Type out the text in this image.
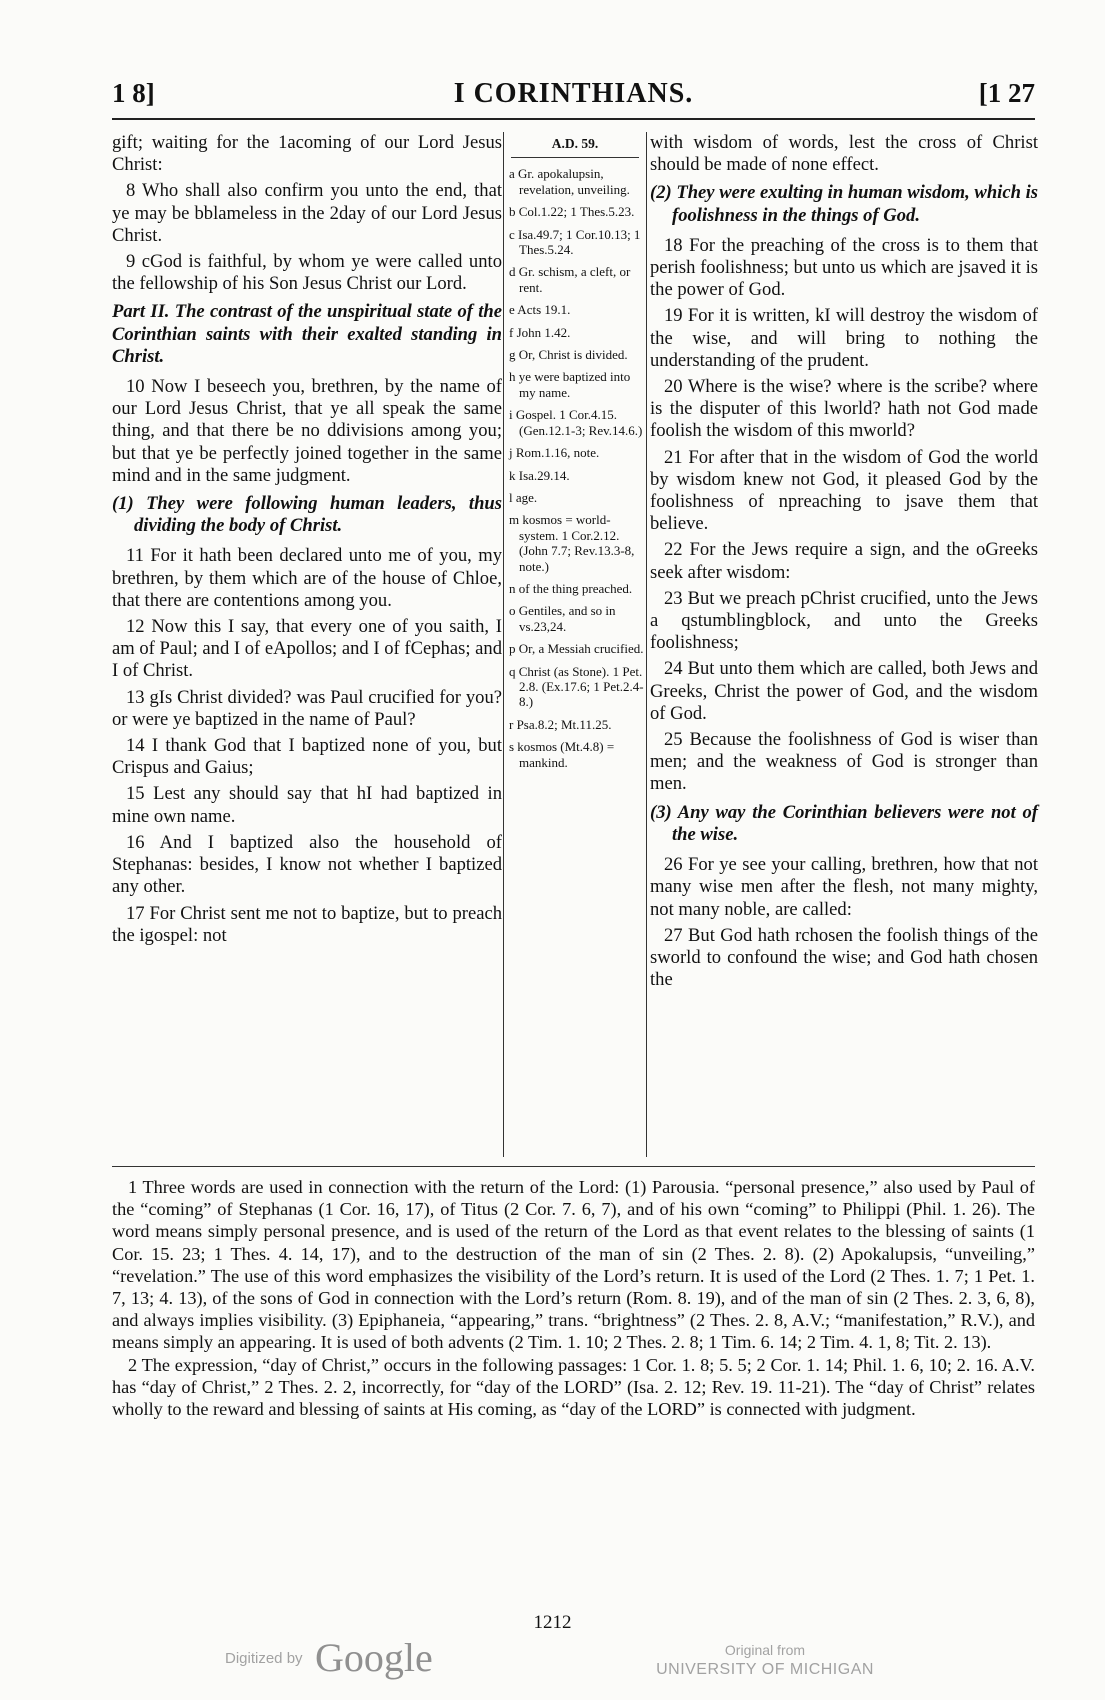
1 8]	I CORINTHIANS.	[1 27

gift; waiting for the 1acoming of our Lord Jesus Christ:

8 Who shall also confirm you unto the end, that ye may be bblameless in the 2day of our Lord Jesus Christ.

9 cGod is faithful, by whom ye were called unto the fellowship of his Son Jesus Christ our Lord.

Part II. The contrast of the unspiritual state of the Corinthian saints with their exalted standing in Christ.

10 Now I beseech you, brethren, by the name of our Lord Jesus Christ, that ye all speak the same thing, and that there be no ddivisions among you; but that ye be perfectly joined together in the same mind and in the same judgment.

(1) They were following human leaders, thus dividing the body of Christ.

11 For it hath been declared unto me of you, my brethren, by them which are of the house of Chloe, that there are contentions among you.

12 Now this I say, that every one of you saith, I am of Paul; and I of eApollos; and I of fCephas; and I of Christ.

13 gIs Christ divided? was Paul crucified for you? or were ye baptized in the name of Paul?

14 I thank God that I baptized none of you, but Crispus and Gaius;

15 Lest any should say that hI had baptized in mine own name.

16 And I baptized also the household of Stephanas: besides, I know not whether I baptized any other.

17 For Christ sent me not to baptize, but to preach the igospel: not

A.D. 59.
a Gr. apokalupsin, revelation, unveiling.
b Col.1.22; 1 Thes.5.23.
c Isa.49.7; 1 Cor.10.13; 1 Thes.5.24.
d Gr. schism, a cleft, or rent.
e Acts 19.1.
f John 1.42.
g Or, Christ is divided.
h ye were baptized into my name.
i Gospel. 1 Cor.4.15. (Gen.12.1-3; Rev.14.6.)
j Rom.1.16, note.
k Isa.29.14.
l age.
m kosmos = world-system. 1 Cor.2.12. (John 7.7; Rev.13.3-8, note.)
n of the thing preached.
o Gentiles, and so in vs.23,24.
p Or, a Messiah crucified.
q Christ (as Stone). 1 Pet. 2.8. (Ex.17.6; 1 Pet.2.4-8.)
r Psa.8.2; Mt.11.25.
s kosmos (Mt.4.8) = mankind.

with wisdom of words, lest the cross of Christ should be made of none effect.

(2) They were exulting in human wisdom, which is foolishness in the things of God.

18 For the preaching of the cross is to them that perish foolishness; but unto us which are jsaved it is the power of God.

19 For it is written, kI will destroy the wisdom of the wise, and will bring to nothing the understanding of the prudent.

20 Where is the wise? where is the scribe? where is the disputer of this lworld? hath not God made foolish the wisdom of this mworld?

21 For after that in the wisdom of God the world by wisdom knew not God, it pleased God by the foolishness of npreaching to jsave them that believe.

22 For the Jews require a sign, and the oGreeks seek after wisdom:

23 But we preach pChrist crucified, unto the Jews a qstumblingblock, and unto the Greeks foolishness;

24 But unto them which are called, both Jews and Greeks, Christ the power of God, and the wisdom of God.

25 Because the foolishness of God is wiser than men; and the weakness of God is stronger than men.

(3) Any way the Corinthian believers were not of the wise.

26 For ye see your calling, brethren, how that not many wise men after the flesh, not many mighty, not many noble, are called:

27 But God hath rchosen the foolish things of the sworld to confound the wise; and God hath chosen the

1 Three words are used in connection with the return of the Lord: (1) Parousia. “personal presence,” also used by Paul of the “coming” of Stephanas (1 Cor. 16, 17), of Titus (2 Cor. 7. 6, 7), and of his own “coming” to Philippi (Phil. 1. 26). The word means simply personal presence, and is used of the return of the Lord as that event relates to the blessing of saints (1 Cor. 15. 23; 1 Thes. 4. 14, 17), and to the destruction of the man of sin (2 Thes. 2. 8). (2) Apokalupsis, “unveiling,” “revelation.” The use of this word emphasizes the visibility of the Lord’s return. It is used of the Lord (2 Thes. 1. 7; 1 Pet. 1. 7, 13; 4. 13), of the sons of God in connection with the Lord’s return (Rom. 8. 19), and of the man of sin (2 Thes. 2. 3, 6, 8), and always implies visibility. (3) Epiphaneia, “appearing,” trans. “brightness” (2 Thes. 2. 8, A.V.; “manifestation,” R.V.), and means simply an appearing. It is used of both advents (2 Tim. 1. 10; 2 Thes. 2. 8; 1 Tim. 6. 14; 2 Tim. 4. 1, 8; Tit. 2. 13).

2 The expression, “day of Christ,” occurs in the following passages: 1 Cor. 1. 8; 5. 5; 2 Cor. 1. 14; Phil. 1. 6, 10; 2. 16. A.V. has “day of Christ,” 2 Thes. 2. 2, incorrectly, for “day of the LORD” (Isa. 2. 12; Rev. 19. 11-21). The “day of Christ” relates wholly to the reward and blessing of saints at His coming, as “day of the LORD” is connected with judgment.

1212
Digitized by Google	Original from
UNIVERSITY OF MICHIGAN
